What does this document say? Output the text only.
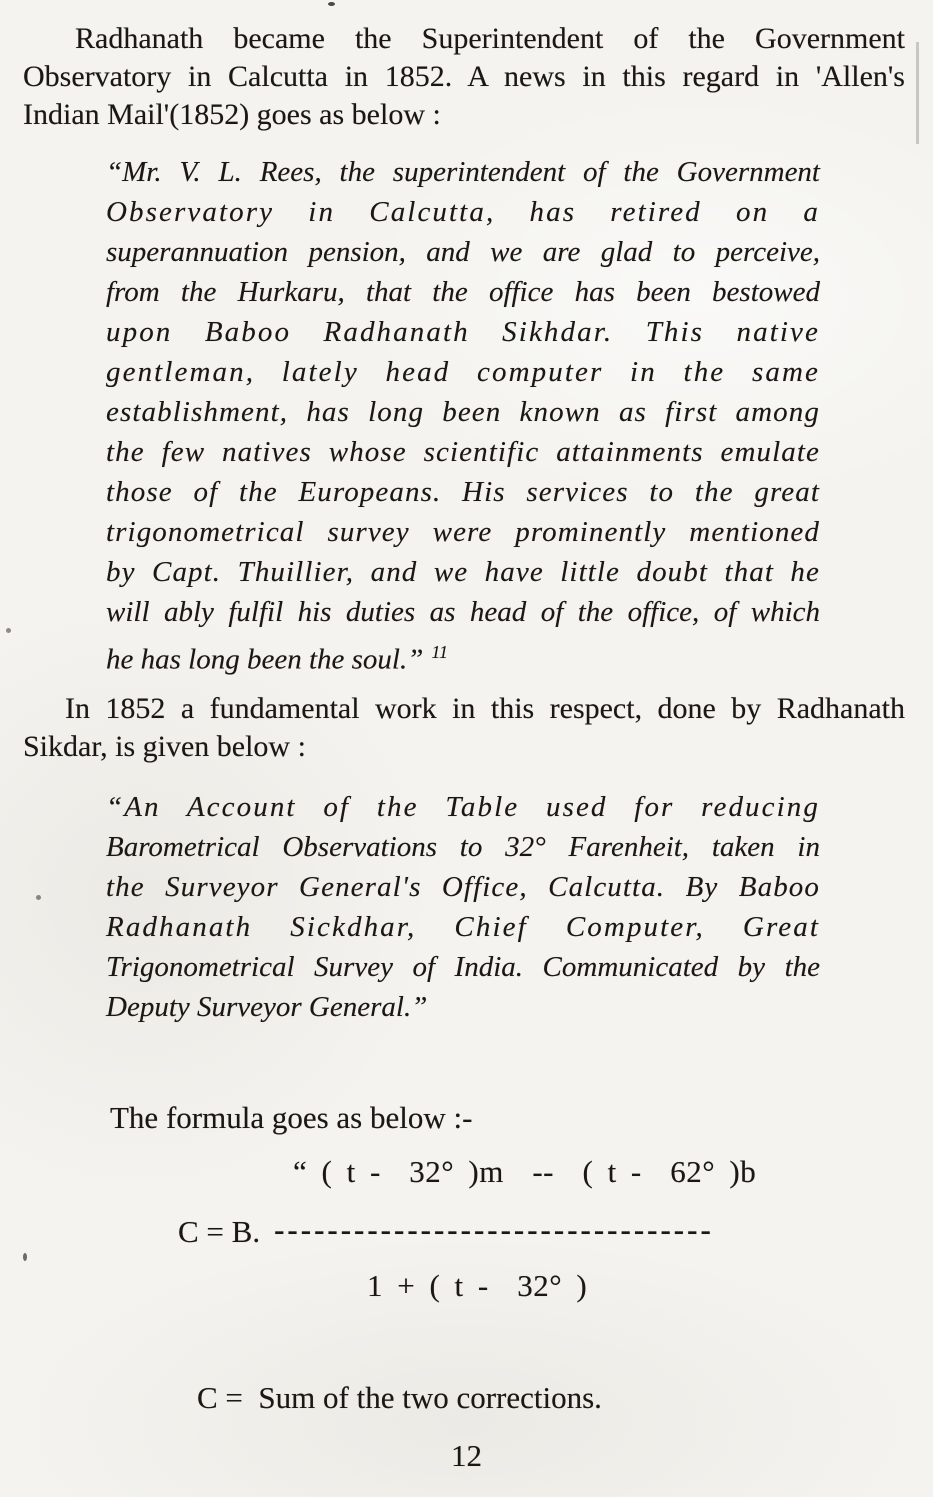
Radhanath became the Superintendent of the Government
Observatory in Calcutta in 1852. A news in this regard in 'Allen's
Indian Mail'(1852) goes as below :
“Mr. V. L. Rees, the superintendent of the Government
Observatory in Calcutta, has retired on a
superannuation pension, and we are glad to perceive,
from the Hurkaru, that the office has been bestowed
upon Baboo Radhanath Sikhdar. This native
gentleman, lately head computer in the same
establishment, has long been known as first among
the few natives whose scientific attainments emulate
those of the Europeans. His services to the great
trigonometrical survey were prominently mentioned
by Capt. Thuillier, and we have little doubt that he
will ably fulfil his duties as head of the office, of which
he has long been the soul.” $^{11}$
In 1852 a fundamental work in this respect, done by Radhanath
Sikdar, is given below :
“An Account of the Table used for reducing
Barometrical Observations to 32° Farenheit, taken in
the Surveyor General's Office, Calcutta. By Baboo
Radhanath Sickdhar, Chief Computer, Great
Trigonometrical Survey of India. Communicated by the
Deputy Surveyor General.”
The formula goes as below :-
“ ( t -  32° )m  --  ( t -  62° )b
C = B. ---------------------------------
1 + ( t -  32° )
C =  Sum of the two corrections.
12
